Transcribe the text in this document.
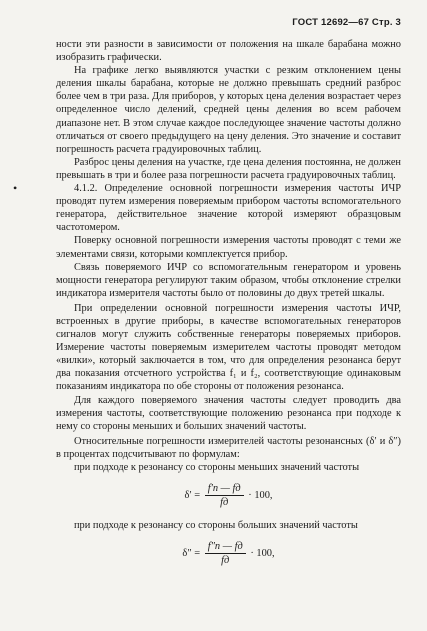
ГОСТ 12692—67 Стр. 3
•

ности эти разности в зависимости от положения на шкале барабана можно изобразить графически.

На графике легко выявляются участки с резким отклонением цены деления шкалы барабана, которые не должно превышать средний разброс более чем в три раза. Для приборов, у которых цена деления возрастает через определенное число делений, средней цены деления во всем рабочем диапазоне нет. В этом случае каждое последующее значение частоты должно отличаться от своего предыдущего на цену деления. Это значение и составит погрешность расчета градуировочных таблиц.

Разброс цены деления на участке, где цена деления постоянна, не должен превышать в три и более раза погрешности расчета градуировочных таблиц.

4.1.2. Определение основной погрешности измерения частоты ИЧР проводят путем измерения поверяемым прибором частоты вспомогательного генератора, действительное значение которой измеряют образцовым частотомером.

Поверку основной погрешности измерения частоты проводят с теми же элементами связи, которыми комплектуется прибор.

Связь поверяемого ИЧР со вспомогательным генератором и уровень мощности генератора регулируют таким образом, чтобы отклонение стрелки индикатора измерителя частоты было от половины до двух третей шкалы.

При определении основной погрешности измерения частоты ИЧР, встроенных в другие приборы, в качестве вспомогательных генераторов сигналов могут служить собственные генераторы поверяемых приборов. Измерение частоты поверяемым измерителем частоты проводят методом «вилки», который заключается в том, что для определения резонанса берут два показания отсчетного устройства f₁ и f₂, соответствующие одинаковым показаниям индикатора по обе стороны от положения резонанса.

Для каждого поверяемого значения частоты следует проводить два измерения частоты, соответствующие положению резонанса при подходе к нему со стороны меньших и больших значений частоты.

Относительные погрешности измерителей частоты резонансных (δ′ и δ″) в процентах подсчитывают по формулам:

при подходе к резонансу со стороны меньших значений частоты

$\delta' = \frac{f'п — fд}{fд} \cdot 100$,

при подходе к резонансу со стороны больших значений частоты

$\delta'' = \frac{f''п — fд}{fд} \cdot 100$,
